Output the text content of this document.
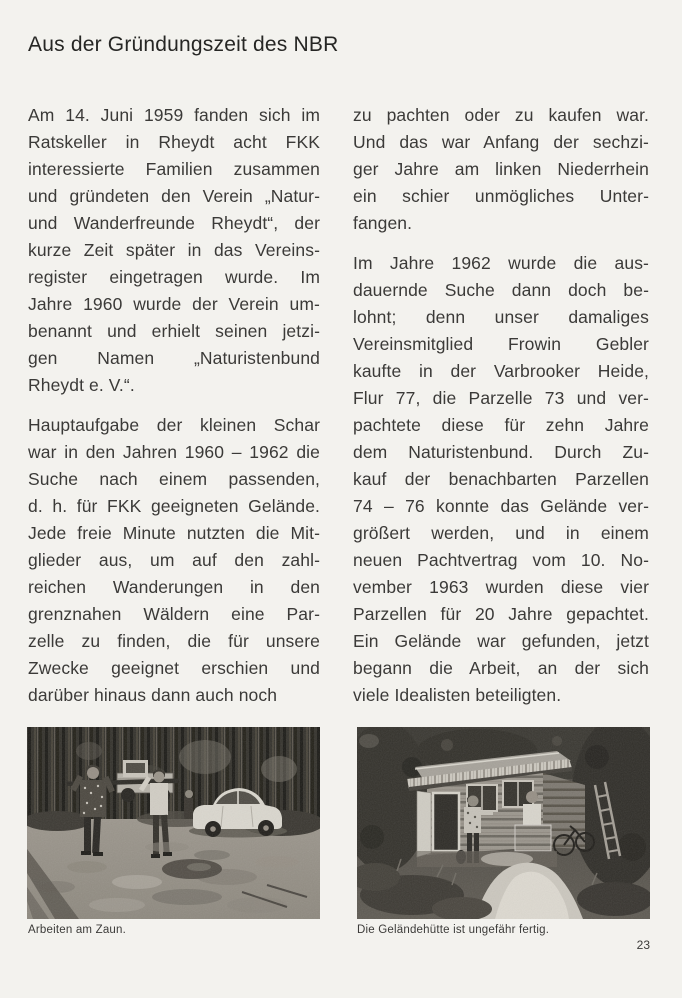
Aus der Gründungszeit des NBR
Am 14. Juni 1959 fanden sich im
Ratskeller in Rheydt acht FKK
interessierte Familien zusammen
und gründeten den Verein „Natur-
und Wanderfreunde Rheydt“, der
kurze Zeit später in das Vereins-
register eingetragen wurde. Im
Jahre 1960 wurde der Verein um-
benannt und erhielt seinen jetzi-
gen Namen „Naturistenbund
Rheydt e. V.“.
Hauptaufgabe der kleinen Schar
war in den Jahren 1960 – 1962 die
Suche nach einem passenden,
d. h. für FKK geeigneten Gelände.
Jede freie Minute nutzten die Mit-
glieder aus, um auf den zahl-
reichen Wanderungen in den
grenznahen Wäldern eine Par-
zelle zu finden, die für unsere
Zwecke geeignet erschien und
darüber hinaus dann auch noch
zu pachten oder zu kaufen war.
Und das war Anfang der sechzi-
ger Jahre am linken Niederrhein
ein schier unmögliches Unter-
fangen.
Im Jahre 1962 wurde die aus-
dauernde Suche dann doch be-
lohnt; denn unser damaliges
Vereinsmitglied Frowin Gebler
kaufte in der Varbrooker Heide,
Flur 77, die Parzelle 73 und ver-
pachtete diese für zehn Jahre
dem Naturistenbund. Durch Zu-
kauf der benachbarten Parzellen
74 – 76 konnte das Gelände ver-
größert werden, und in einem
neuen Pachtvertrag vom 10. No-
vember 1963 wurden diese vier
Parzellen für 20 Jahre gepachtet.
Ein Gelände war gefunden, jetzt
begann die Arbeit, an der sich
viele Idealisten beteiligten.
Arbeiten am Zaun.	Die Geländehütte ist ungefähr fertig.
23
